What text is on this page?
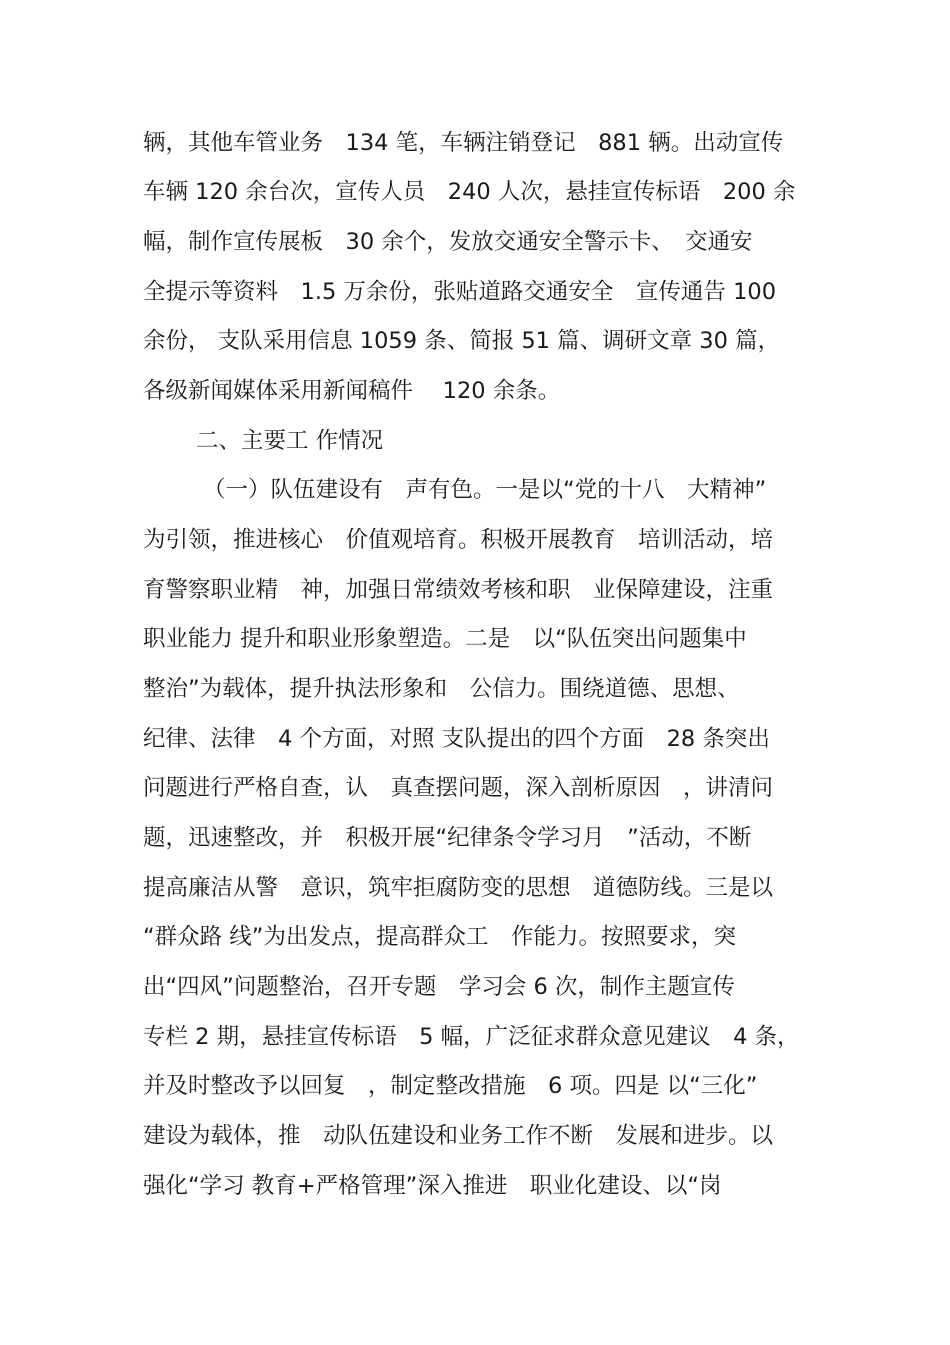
辆，其他车管业务　134 笔，车辆注销登记　881 辆。出动宣传
车辆 120 余台次，宣传人员　240 人次，悬挂宣传标语　200 余
幅，制作宣传展板　30 余个，发放交通安全警示卡、　交通安
全提示等资料　1.5 万余份，张贴道路交通安全　宣传通告 100
余份， 支队采用信息 1059 条、简报 51 篇、调研文章 30 篇，
各级新闻媒体采用新闻稿件　 120 余条。
二、主要工 作情况
（一）队伍建设有　声有色。一是以“党的十八　大精神”
为引领，推进核心　价值观培育。积极开展教育　培训活动，培
育警察职业精　神，加强日常绩效考核和职　业保障建设，注重
职业能力 提升和职业形象塑造。二是　以“队伍突出问题集中
整治”为载体，提升执法形象和　公信力。围绕道德、思想、
纪律、法律　4 个方面，对照 支队提出的四个方面　28 条突出
问题进行严格自查，认　真查摆问题，深入剖析原因　，讲清问
题，迅速整改，并　积极开展“纪律条令学习月　”活动，不断
提高廉洁从警　意识，筑牢拒腐防变的思想　道德防线。三是以
“群众路 线”为出发点，提高群众工　作能力。按照要求，突
出“四风”问题整治，召开专题　学习会 6 次，制作主题宣传
专栏 2 期，悬挂宣传标语　5 幅，广泛征求群众意见建议　4 条，
并及时整改予以回复　，制定整改措施　6 项。四是 以“三化”
建设为载体，推　动队伍建设和业务工作不断　发展和进步。以
强化“学习 教育+严格管理”深入推进　职业化建设、以“岗
